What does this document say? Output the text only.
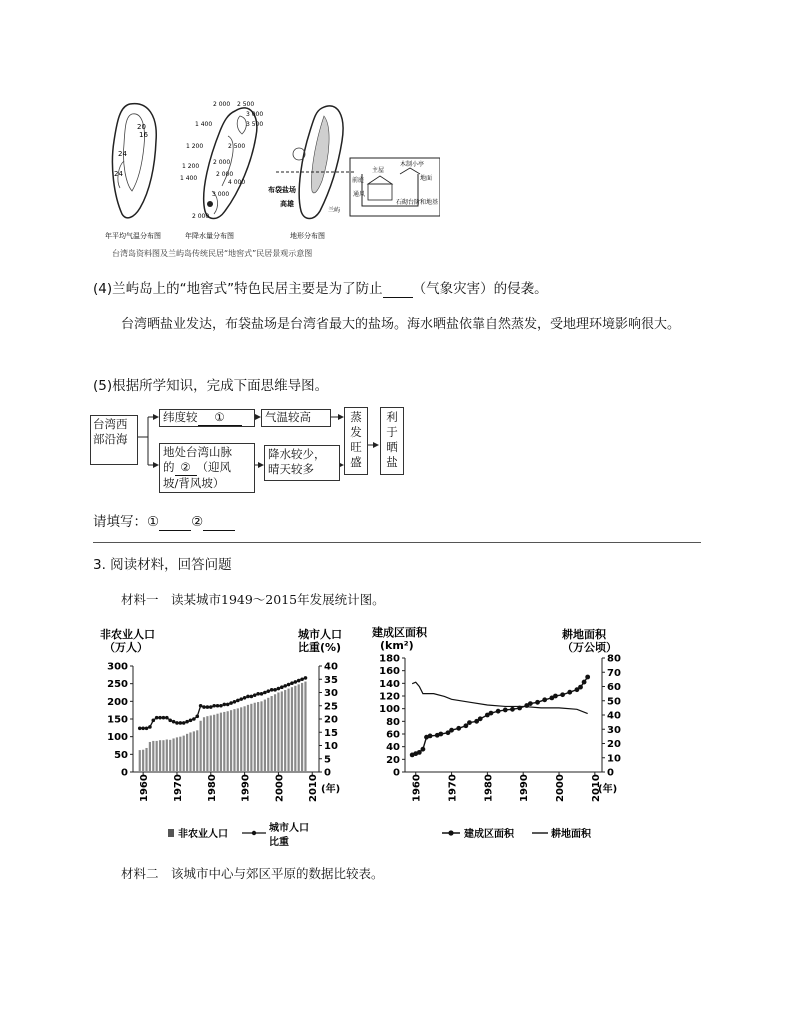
20
16
24
24
2 000 2 500
3 000
3 500
1 400
2 000
1 200
1 200
1 400
2 500
2 000
4 000
3 000
2 000
布袋盐场
高雄
主屋
木制小亭
地面
前庭
通风
石砌台阶和地基
兰屿
年平均气温分布图	年降水量分布图	地形分布图
台湾岛资料图及兰屿岛传统民居“地窖式”民居景观示意图
(4)兰屿岛上的“地窖式”特色民居主要是为了防止 （气象灾害）的侵袭。
台湾晒盐业发达，布袋盐场是台湾省最大的盐场。海水晒盐依靠自然蒸发，受地理环境影响很大。
(5)根据所学知识，完成下面思维导图。
台湾西部沿海
纬度较 ①
地处台湾山脉
的 ② （迎风
坡/背风坡）
气温较高
降水较少，
晴天较多
蒸发旺盛
利于晒盐
请填写：① ②
3. 阅读材料，回答问题
材料一　读某城市1949～2015年发展统计图。
非农业人口
（万人）
城市人口
比重(%)
0
50
100
150
200
250
300
0
5
10
15
20
25
30
35
40
1960 1970 1980 1990 2000 2010 (年)
非农业人口
城市人口
比重
建成区面积
(km²)
耕地面积
（万公顷）
0
20
40
60
80
100
120
140
160
180
0
10
20
30
40
50
60
70
80
1960 1970 1980 1990 2000 2010
(年)
建成区面积	耕地面积
材料二　该城市中心与郊区平原的数据比较表。
